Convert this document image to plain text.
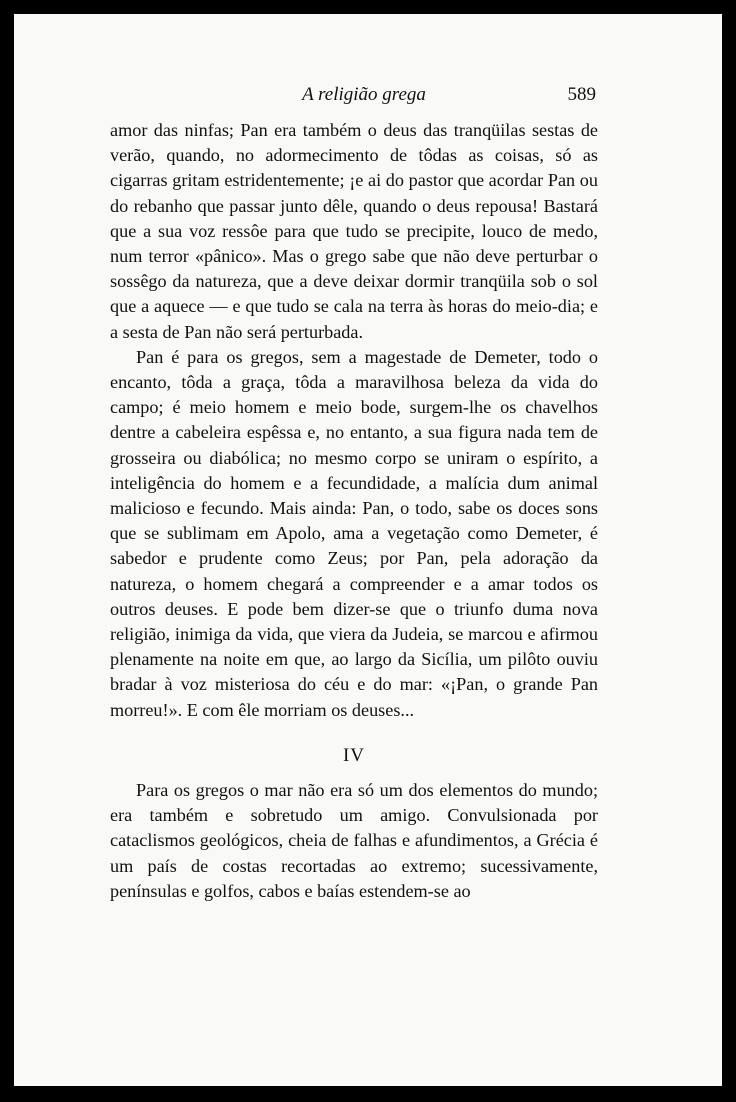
A religião grega	589

amor das ninfas; Pan era também o deus das tranqüilas sestas de verão, quando, no adormecimento de tôdas as coisas, só as cigarras gritam estridentemente; ¡e ai do pastor que acordar Pan ou do rebanho que passar junto dêle, quando o deus repousa! Bastará que a sua voz ressôe para que tudo se precipite, louco de medo, num terror «pânico». Mas o grego sabe que não deve perturbar o sossêgo da natureza, que a deve deixar dormir tranqüila sob o sol que a aquece — e que tudo se cala na terra às horas do meio-dia; e a sesta de Pan não será perturbada.

Pan é para os gregos, sem a magestade de Demeter, todo o encanto, tôda a graça, tôda a maravilhosa beleza da vida do campo; é meio homem e meio bode, surgem-lhe os chavelhos dentre a cabeleira espêssa e, no entanto, a sua figura nada tem de grosseira ou diabólica; no mesmo corpo se uniram o espírito, a inteligência do homem e a fecundidade, a malícia dum animal malicioso e fecundo. Mais ainda: Pan, o todo, sabe os doces sons que se sublimam em Apolo, ama a vegetação como Demeter, é sabedor e prudente como Zeus; por Pan, pela adoração da natureza, o homem chegará a compreender e a amar todos os outros deuses. E pode bem dizer-se que o triunfo duma nova religião, inimiga da vida, que viera da Judeia, se marcou e afirmou plenamente na noite em que, ao largo da Sicília, um pilôto ouviu bradar à voz misteriosa do céu e do mar: «¡Pan, o grande Pan morreu!». E com êle morriam os deuses...

IV

Para os gregos o mar não era só um dos elementos do mundo; era também e sobretudo um amigo. Convulsionada por cataclismos geológicos, cheia de falhas e afundimentos, a Grécia é um país de costas recortadas ao extremo; sucessivamente, penínsulas e golfos, cabos e baías estendem-se ao
